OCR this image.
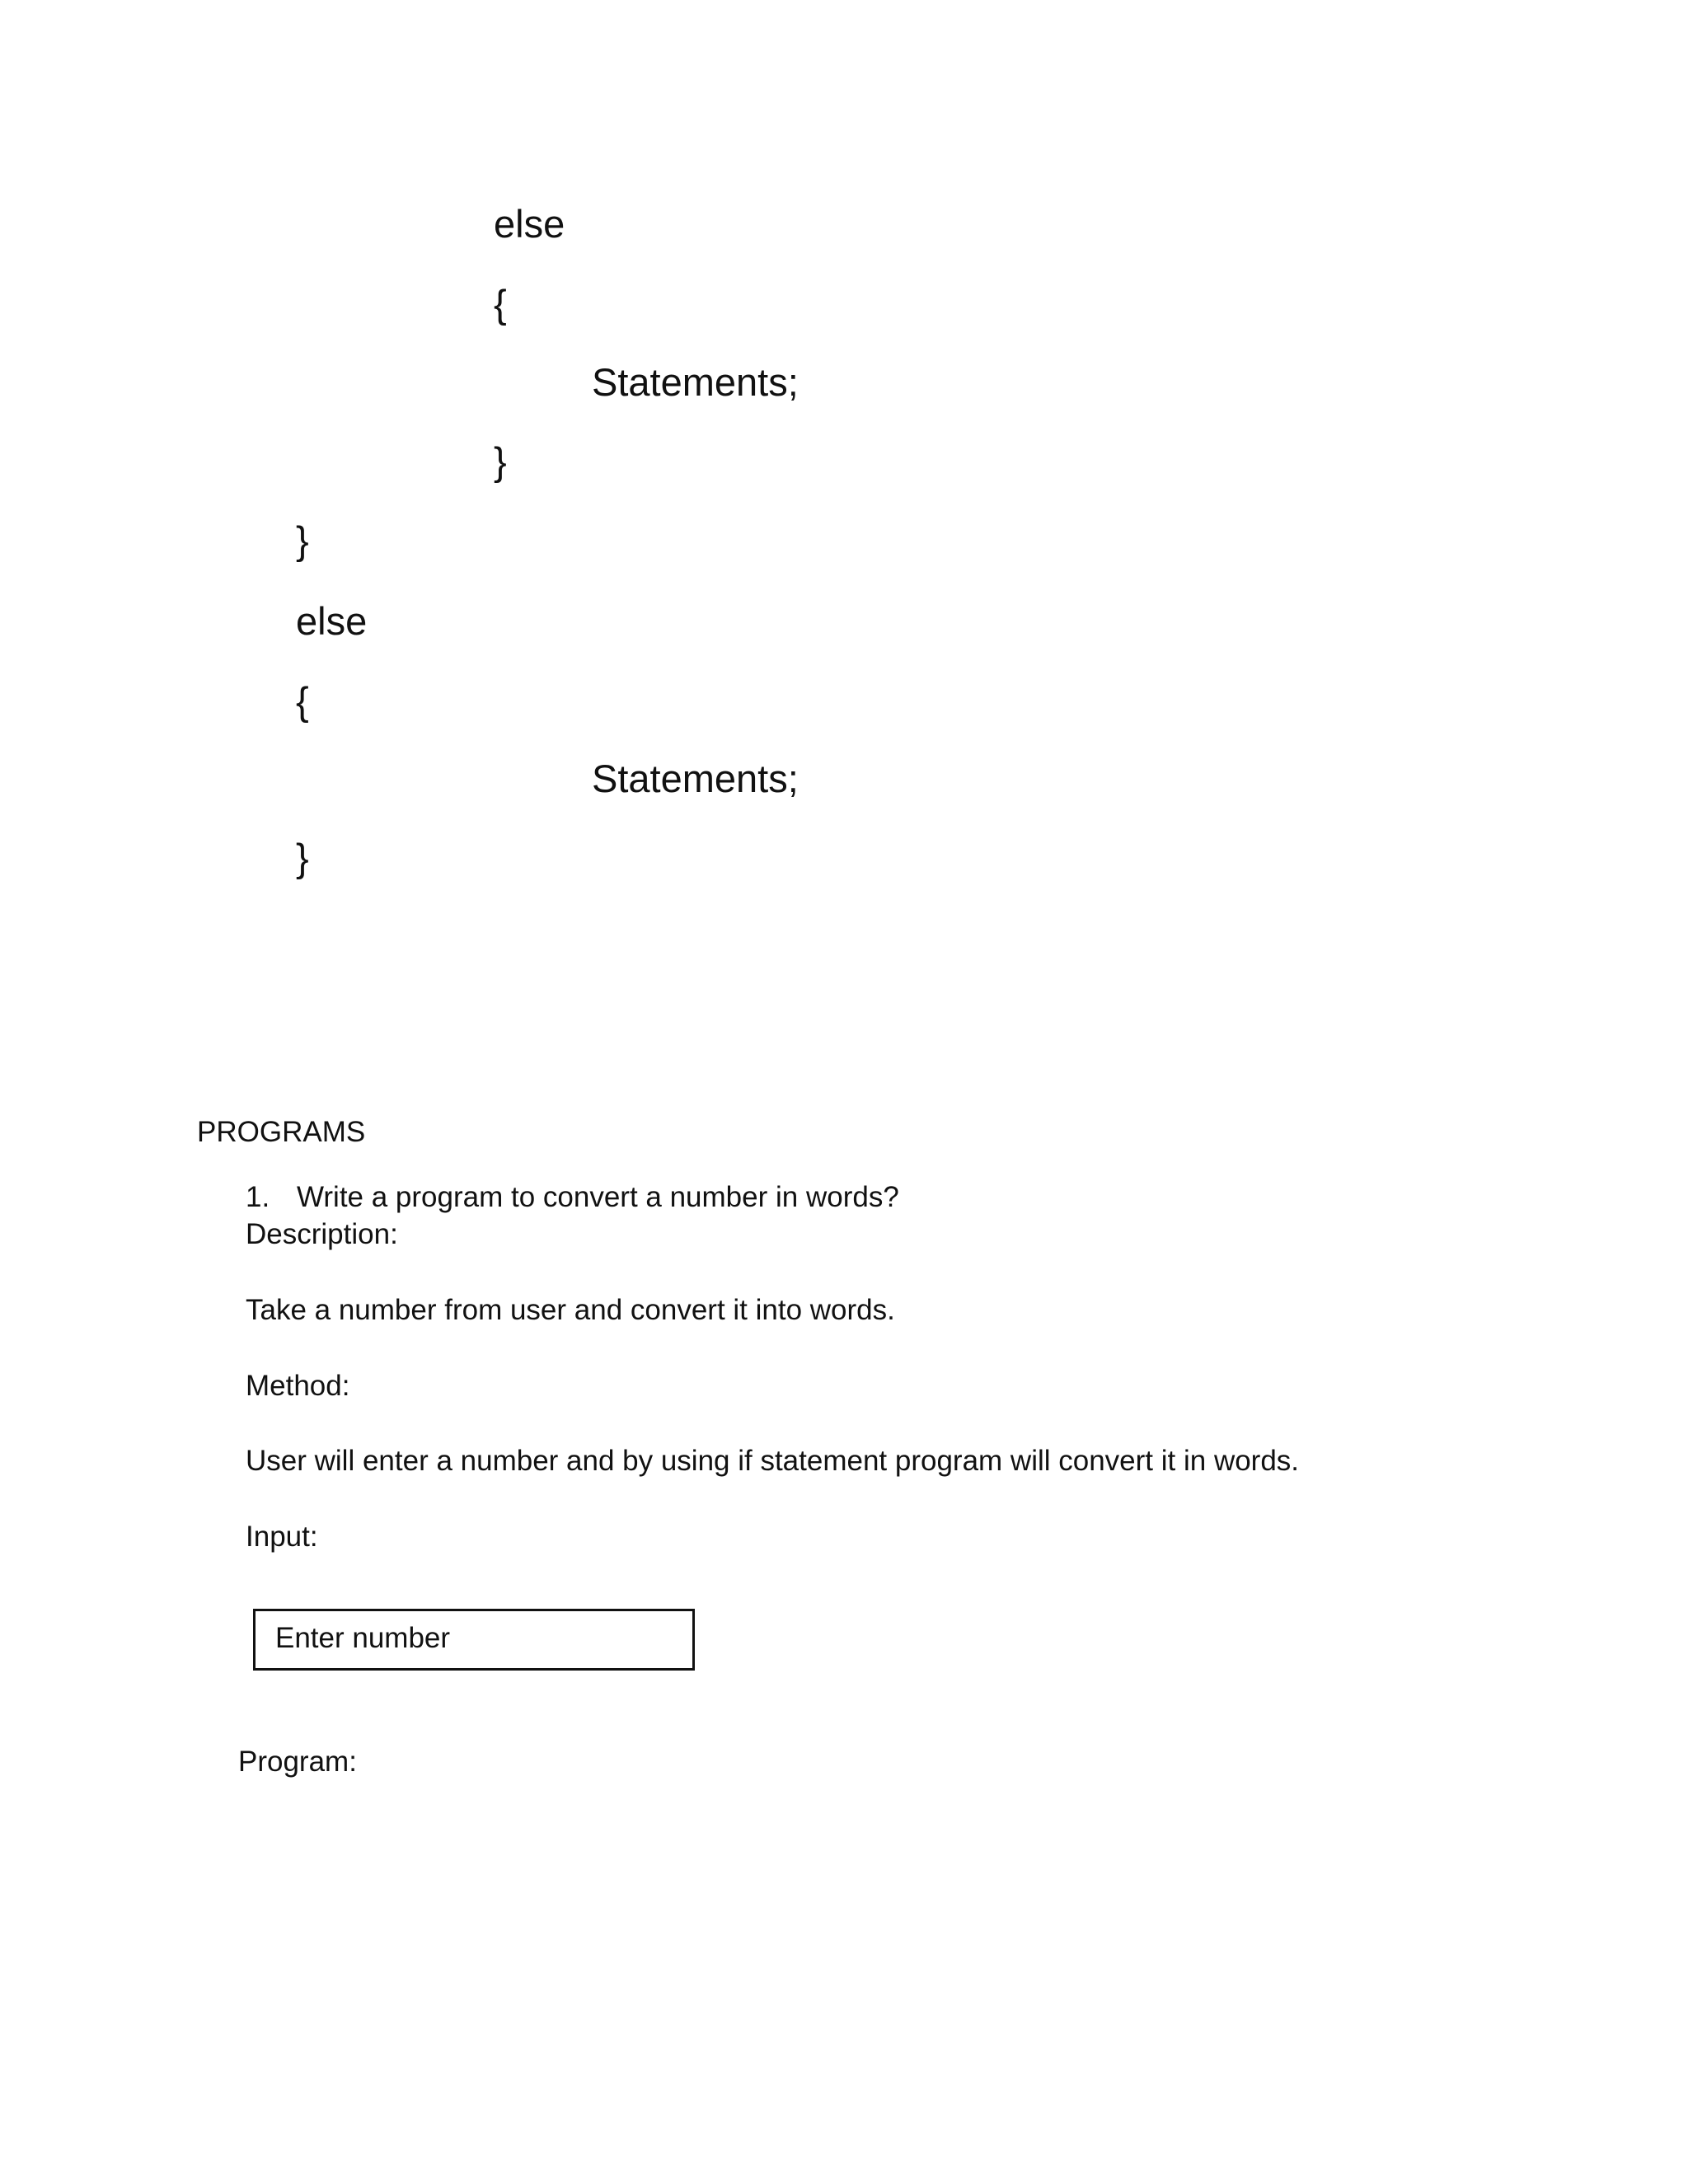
else
{
Statements;
}
}
else
{
Statements;
}
PROGRAMS
1. Write a program to convert a number in words?
Description:
Take a number from user and convert it into words.
Method:
User will enter a number and by using if statement program will convert it in words.
Input:
Enter number
Program:
